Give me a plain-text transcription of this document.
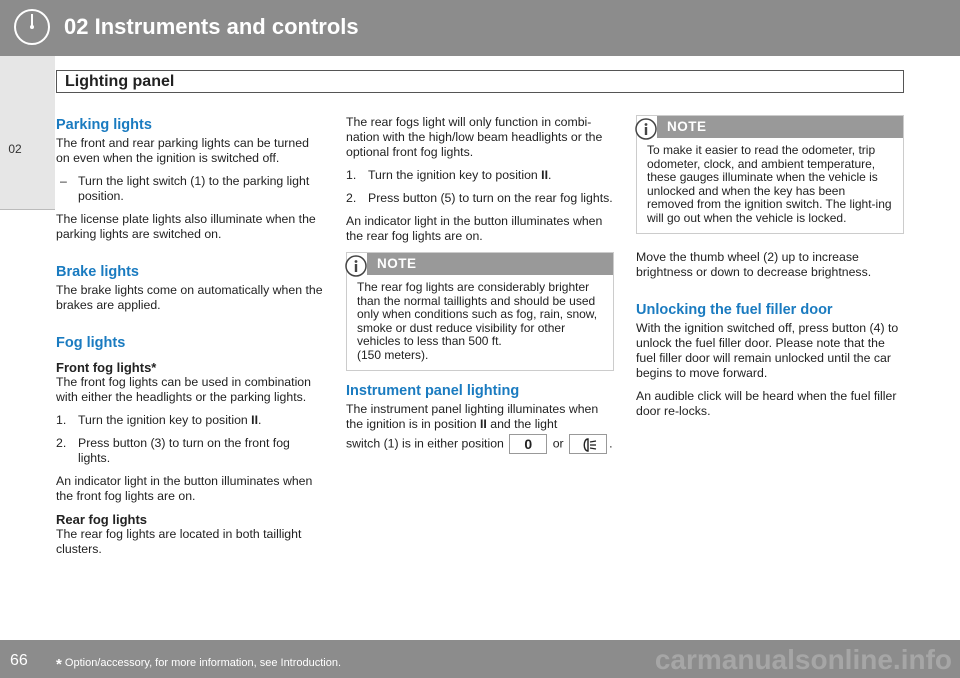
02 Instruments and controls
02
Lighting panel
Parking lights

The front and rear parking lights can be turned on even when the ignition is switched off.

– Turn the light switch (1) to the parking light position.

The license plate lights also illuminate when the parking lights are switched on.

Brake lights

The brake lights come on automatically when the brakes are applied.

Fog lights
Front fog lights*

The front fog lights can be used in combination with either the headlights or the parking lights.

1. Turn the ignition key to position II.
2. Press button (3) to turn on the front fog lights.

An indicator light in the button illuminates when the front fog lights are on.

Rear fog lights

The rear fog lights are located in both taillight clusters.

The rear fogs light will only function in combi-nation with the high/low beam headlights or the optional front fog lights.

1. Turn the ignition key to position II.
2. Press button (5) to turn on the rear fog lights.

An indicator light in the button illuminates when the rear fog lights are on.

NOTE
The rear fog lights are considerably brighter than the normal taillights and should be used only when conditions such as fog, rain, snow, smoke or dust reduce visibility for other vehicles to less than 500 ft.
(150 meters).
Instrument panel lighting

The instrument panel lighting illuminates when the ignition is in position II and the light

switch (1) is in either position 0 or	.

NOTE
To make it easier to read the odometer, trip odometer, clock, and ambient temperature, these gauges illuminate when the vehicle is unlocked and when the key has been removed from the ignition switch. The light-ing will go out when the vehicle is locked.

Move the thumb wheel (2) up to increase brightness or down to decrease brightness.

Unlocking the fuel filler door

With the ignition switched off, press button (4) to unlock the fuel filler door. Please note that the fuel filler door will remain unlocked until the car begins to move forward.

An audible click will be heard when the fuel filler door re-locks.

66 * Option/accessory, for more information, see Introduction.	carmanualsonline.info
